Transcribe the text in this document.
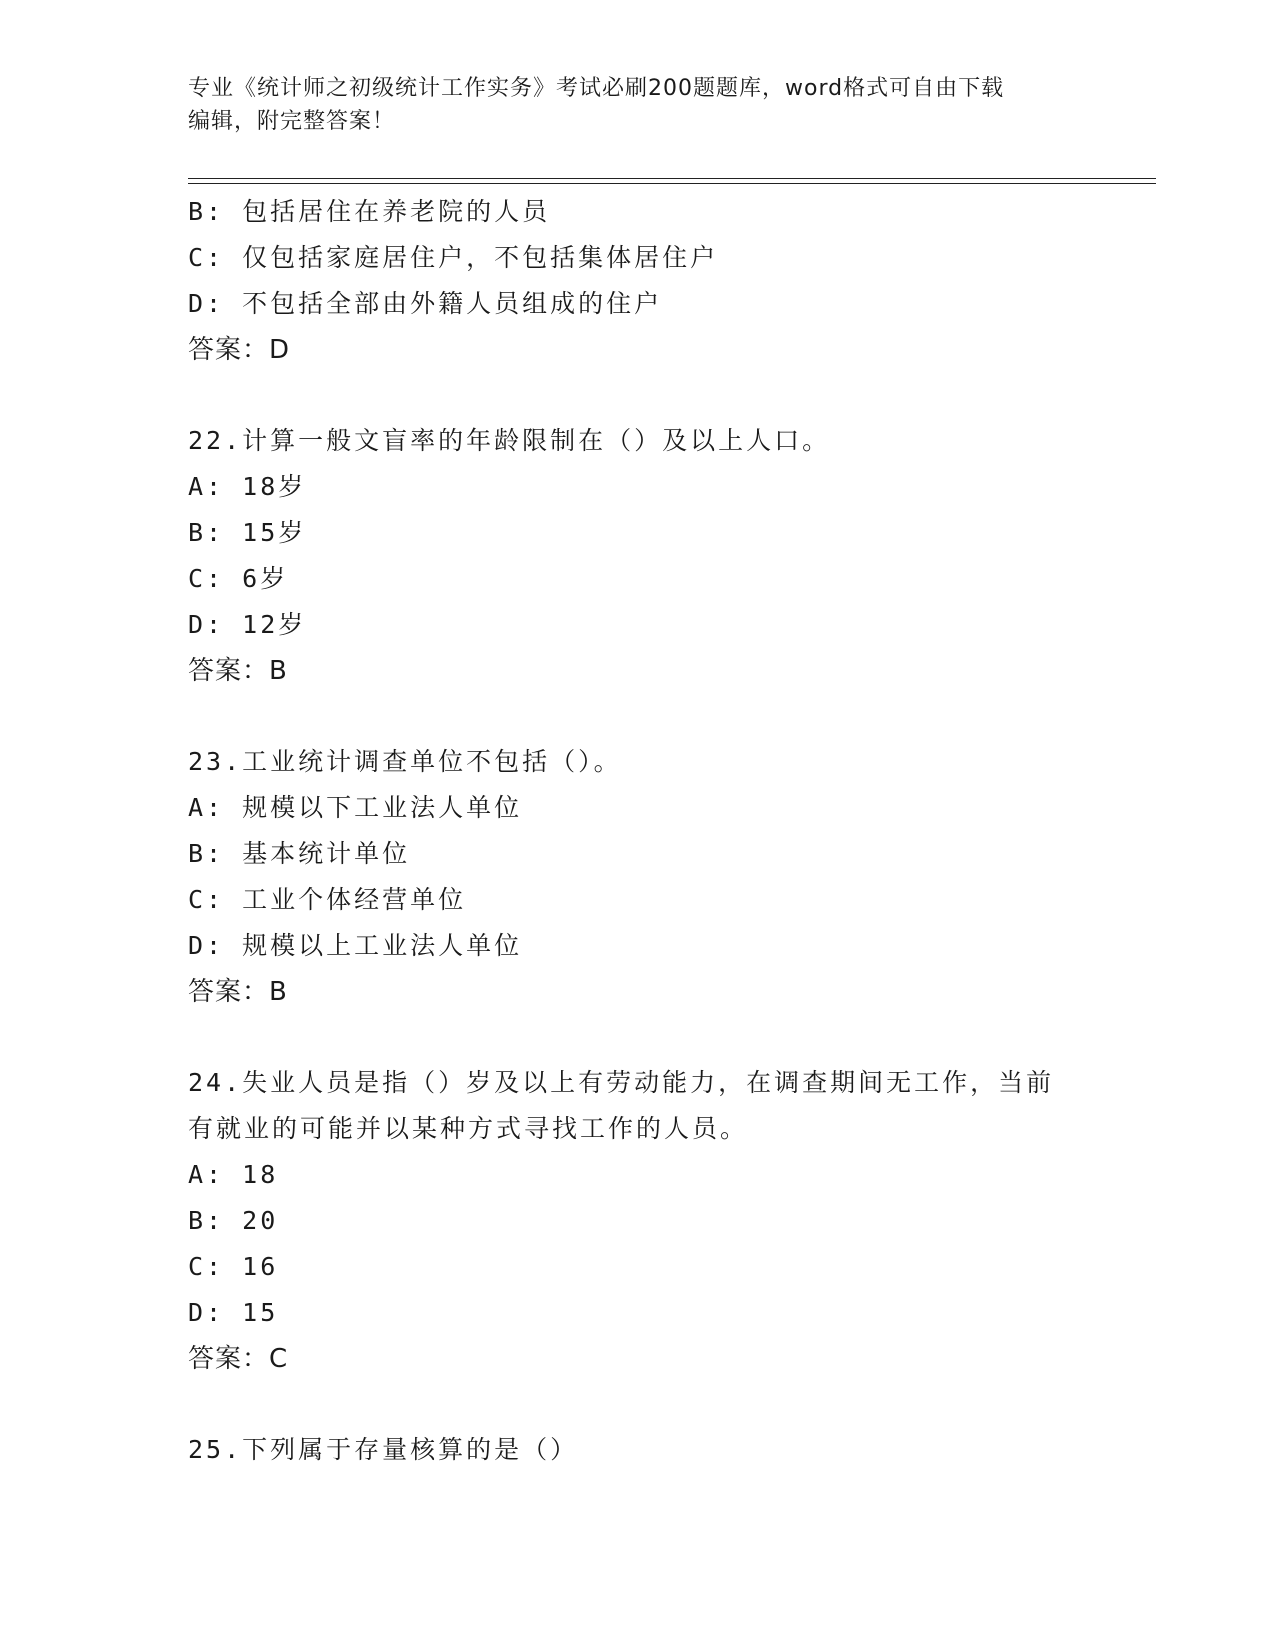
专业《统计师之初级统计工作实务》考试必刷200题题库，word格式可自由下载
编辑，附完整答案！
B: 包括居住在养老院的人员
C: 仅包括家庭居住户，不包括集体居住户
D: 不包括全部由外籍人员组成的住户
答案：D
22.计算一般文盲率的年龄限制在（）及以上人口。
A: 18岁
B: 15岁
C: 6岁
D: 12岁
答案：B
23.工业统计调查单位不包括（）。
A: 规模以下工业法人单位
B: 基本统计单位
C: 工业个体经营单位
D: 规模以上工业法人单位
答案：B
24.失业人员是指（）岁及以上有劳动能力，在调查期间无工作，当前
有就业的可能并以某种方式寻找工作的人员。
A: 18
B: 20
C: 16
D: 15
答案：C
25.下列属于存量核算的是（）
